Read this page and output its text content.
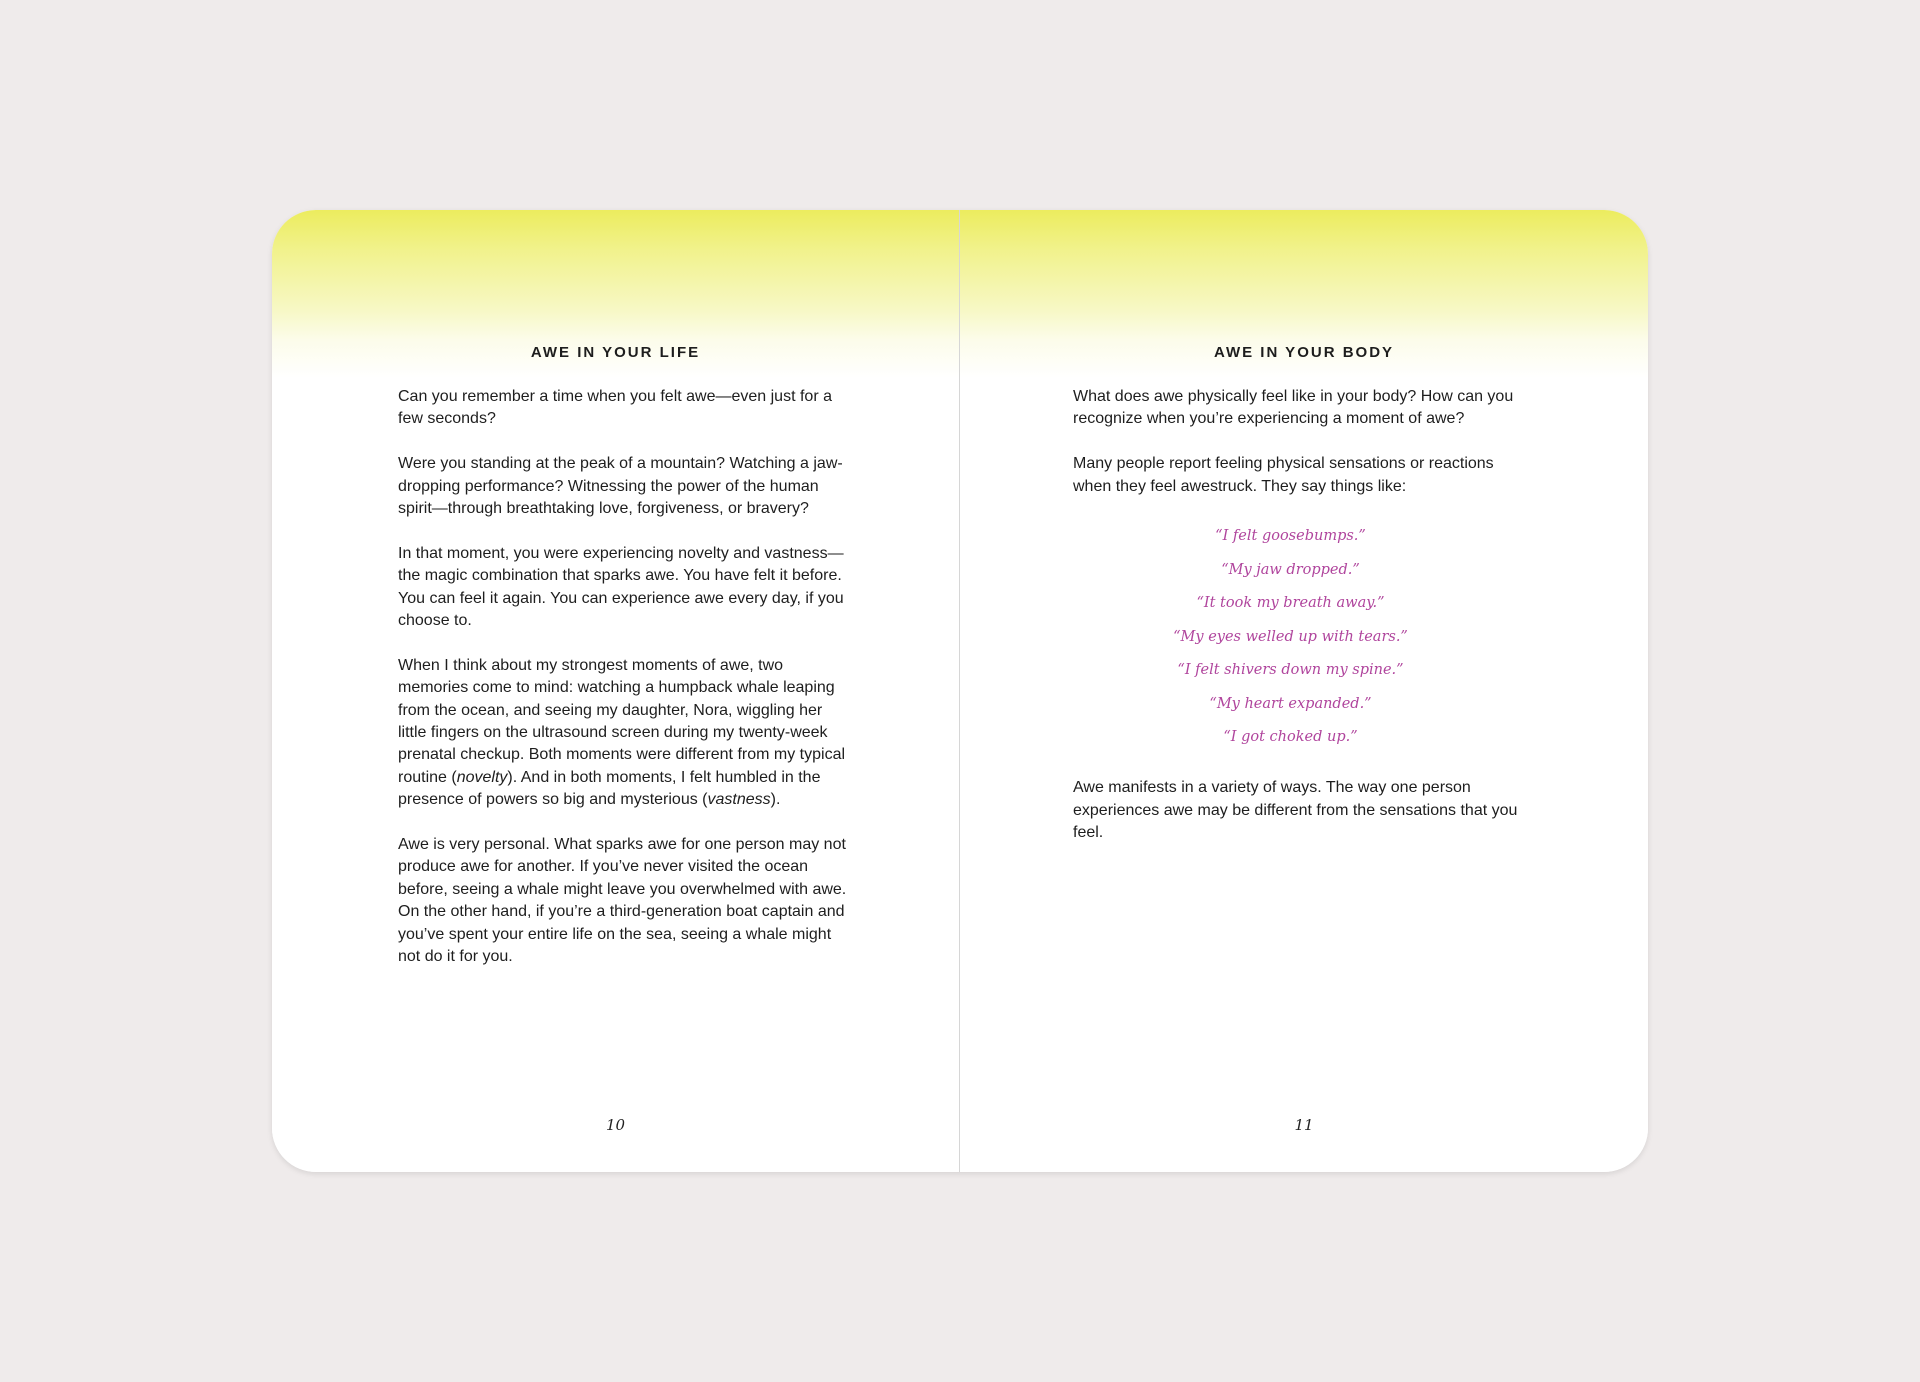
AWE IN YOUR LIFE

Can you remember a time when you felt awe—even just for a few seconds?

Were you standing at the peak of a mountain? Watching a jaw-dropping performance? Witnessing the power of the human spirit—through breathtaking love, forgiveness, or bravery?

In that moment, you were experiencing novelty and vastness—the magic combination that sparks awe. You have felt it before. You can feel it again. You can experience awe every day, if you choose to.

When I think about my strongest moments of awe, two memories come to mind: watching a humpback whale leaping from the ocean, and seeing my daughter, Nora, wiggling her little fingers on the ultrasound screen during my twenty-week prenatal checkup. Both moments were different from my typical routine (novelty). And in both moments, I felt humbled in the presence of powers so big and mysterious (vastness).

Awe is very personal. What sparks awe for one person may not produce awe for another. If you’ve never visited the ocean before, seeing a whale might leave you overwhelmed with awe. On the other hand, if you’re a third-generation boat captain and you’ve spent your entire life on the sea, seeing a whale might not do it for you.

10
AWE IN YOUR BODY

What does awe physically feel like in your body? How can you recognize when you’re experiencing a moment of awe?

Many people report feeling physical sensations or reactions when they feel awestruck. They say things like:

“I felt goosebumps.”
“My jaw dropped.”
“It took my breath away.”
“My eyes welled up with tears.”
“I felt shivers down my spine.”
“My heart expanded.”
“I got choked up.”

Awe manifests in a variety of ways. The way one person experiences awe may be different from the sensations that you feel.

11
